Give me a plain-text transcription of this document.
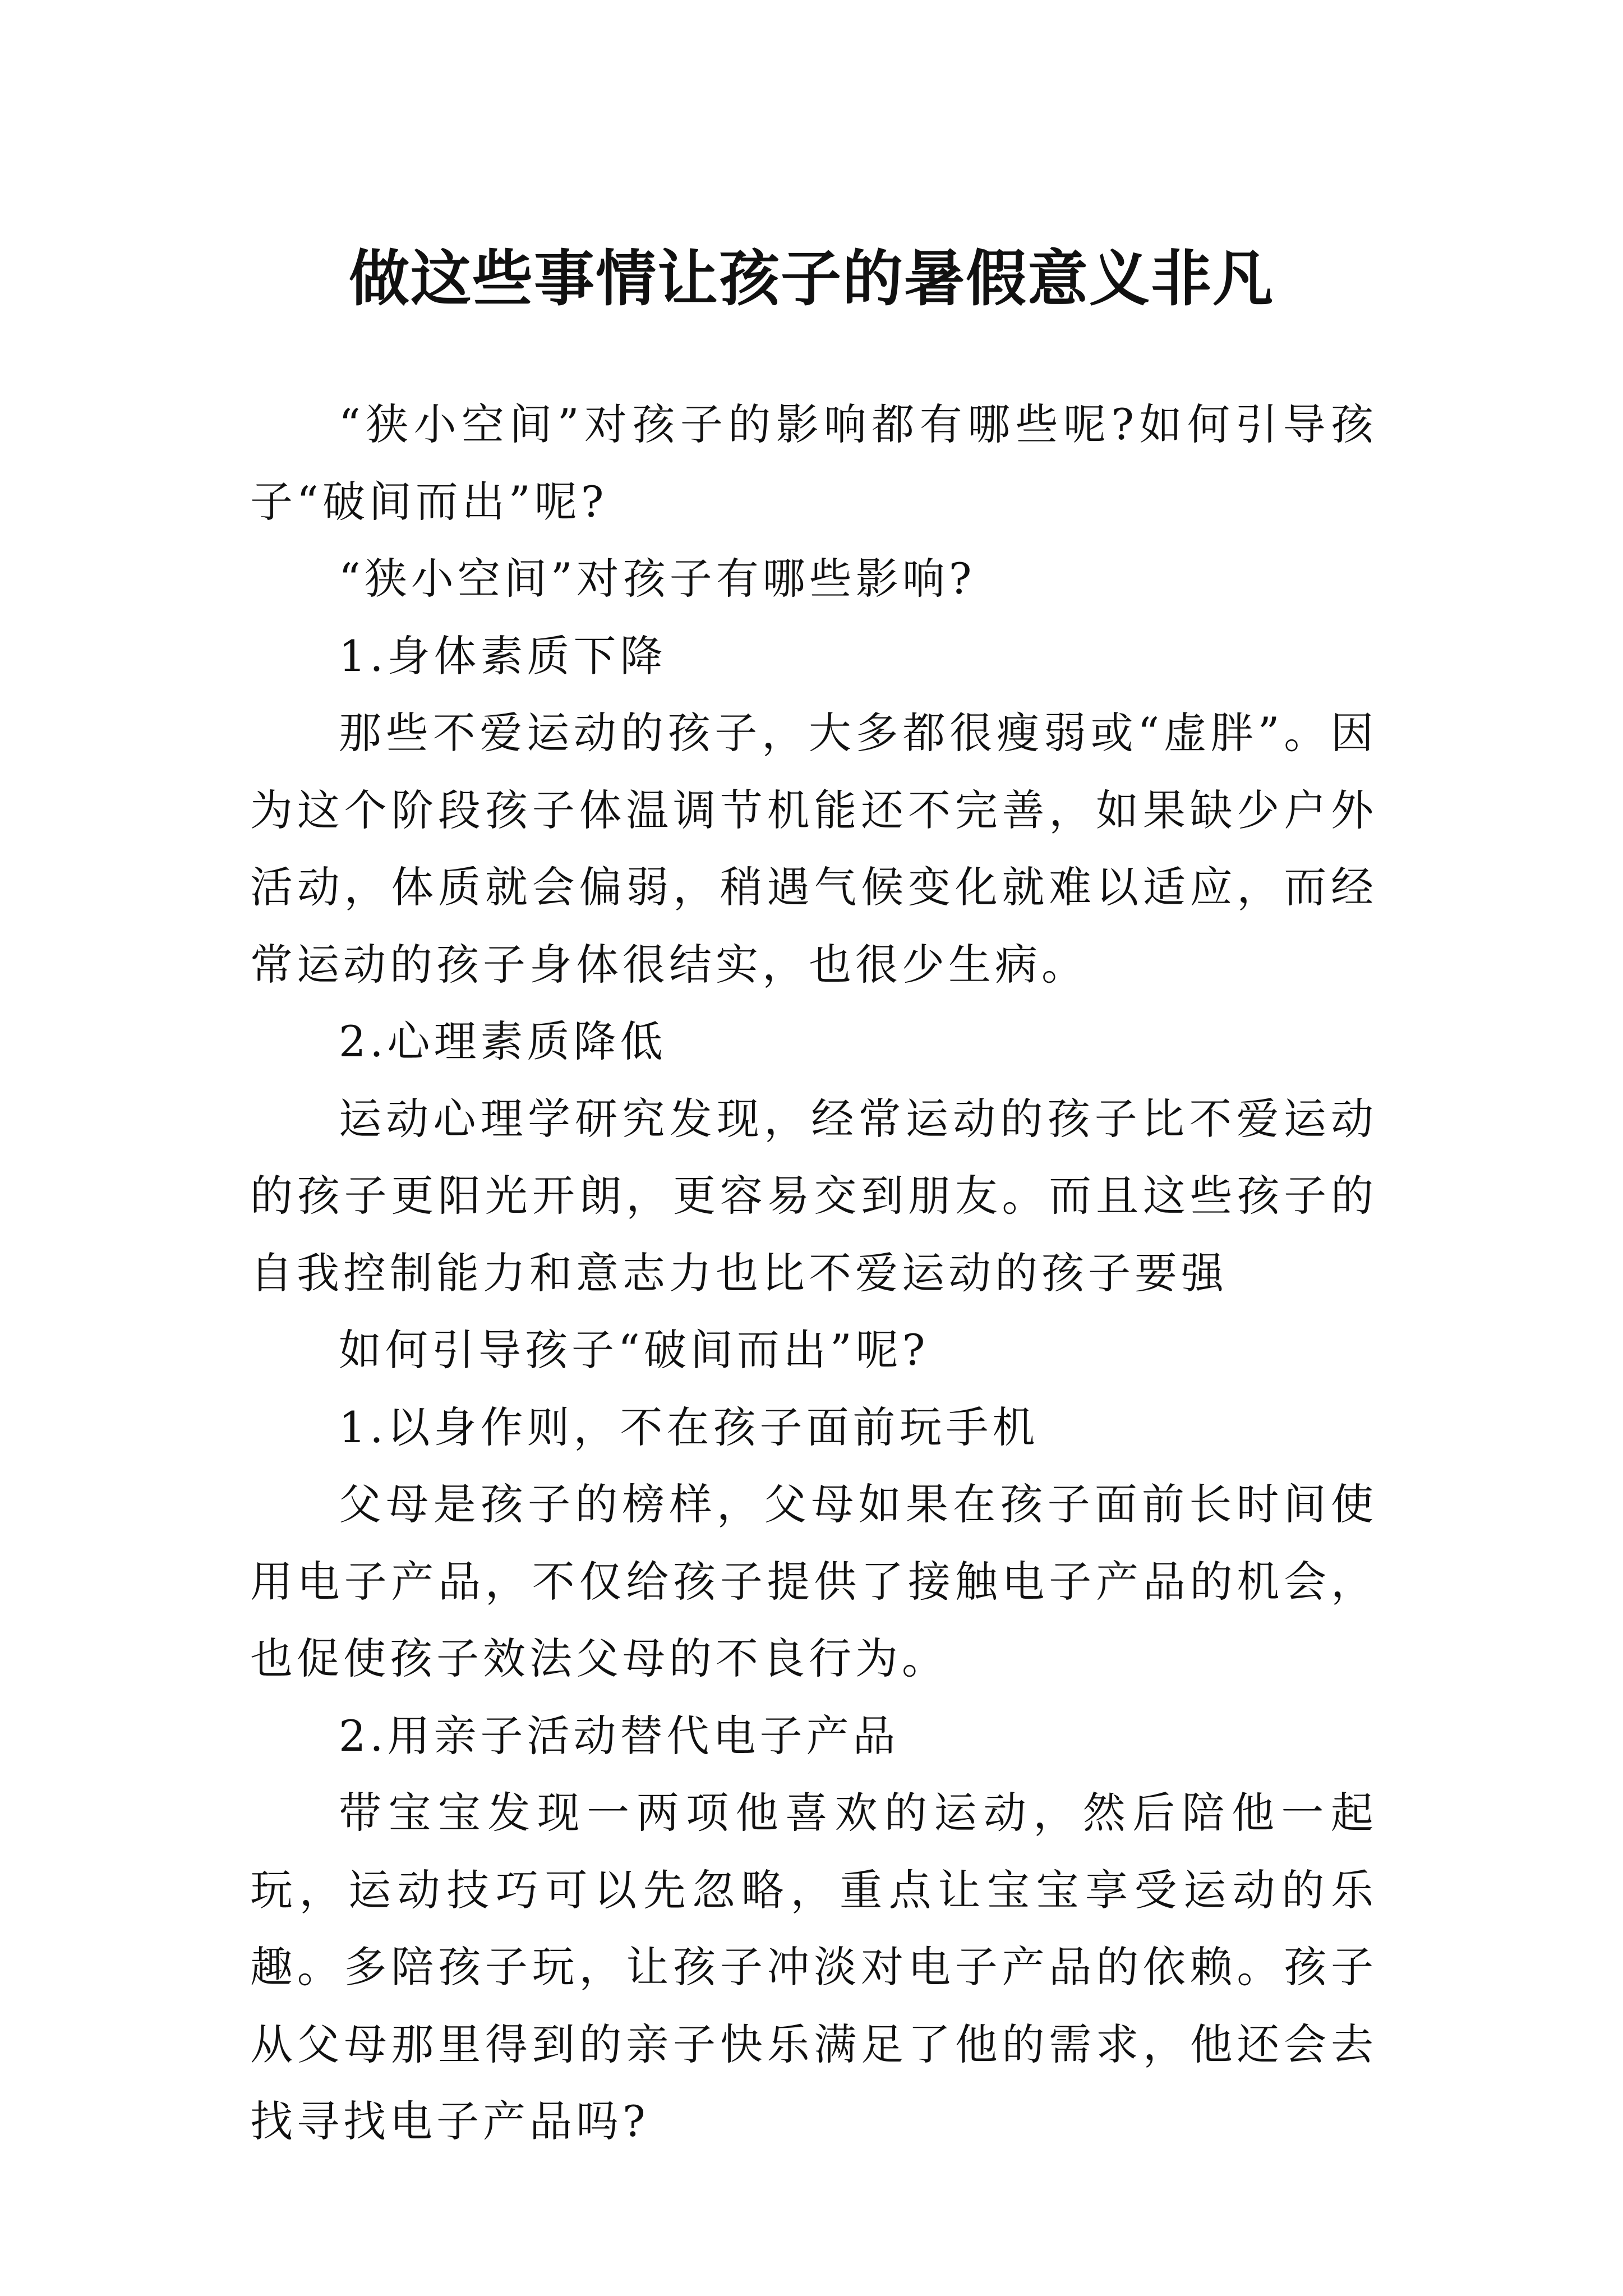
做这些事情让孩子的暑假意义非凡

“狭小空间”对孩子的影响都有哪些呢?如何引导孩子“破间而出”呢?

“狭小空间”对孩子有哪些影响?

1.身体素质下降

那些不爱运动的孩子，大多都很瘦弱或“虚胖”。因为这个阶段孩子体温调节机能还不完善，如果缺少户外活动，体质就会偏弱，稍遇气候变化就难以适应，而经常运动的孩子身体很结实，也很少生病。

2.心理素质降低

运动心理学研究发现，经常运动的孩子比不爱运动的孩子更阳光开朗，更容易交到朋友。而且这些孩子的自我控制能力和意志力也比不爱运动的孩子要强

如何引导孩子“破间而出”呢?

1.以身作则，不在孩子面前玩手机

父母是孩子的榜样，父母如果在孩子面前长时间使用电子产品，不仅给孩子提供了接触电子产品的机会，也促使孩子效法父母的不良行为。

2.用亲子活动替代电子产品

带宝宝发现一两项他喜欢的运动，然后陪他一起玩，运动技巧可以先忽略，重点让宝宝享受运动的乐趣。多陪孩子玩，让孩子冲淡对电子产品的依赖。孩子从父母那里得到的亲子快乐满足了他的需求，他还会去找寻找电子产品吗?
